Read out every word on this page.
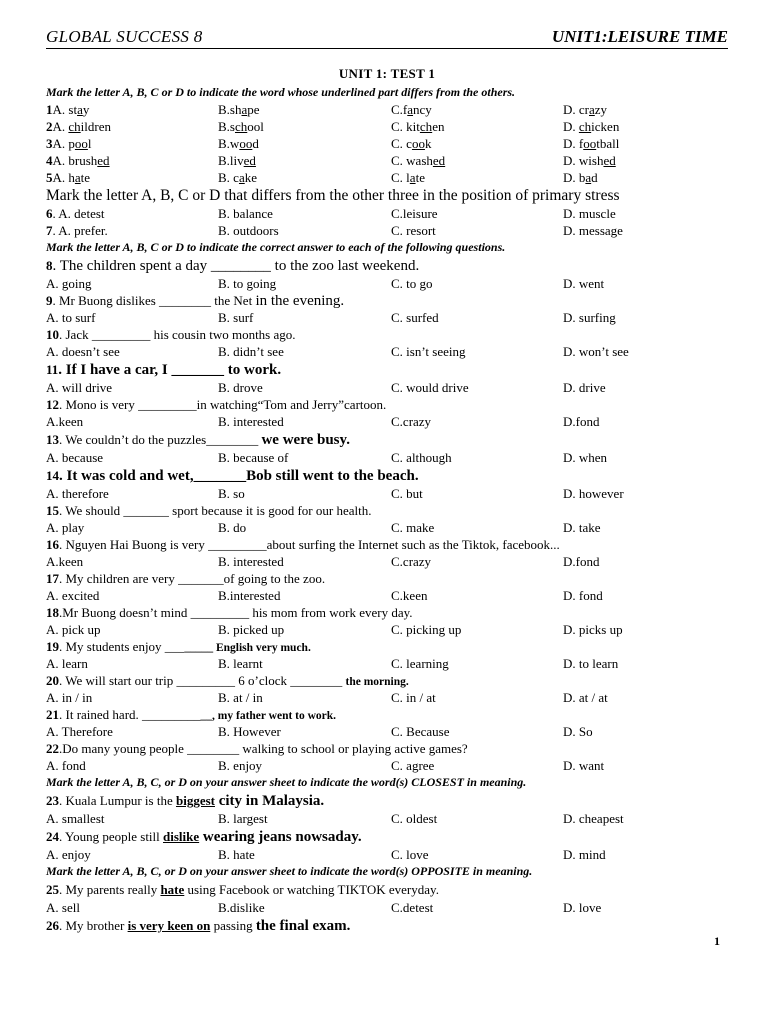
GLOBAL SUCCESS 8	UNIT1:LEISURE TIME
UNIT 1: TEST 1
Mark the letter A, B, C or D to indicate the word whose underlined part differs from the others.
1A. stay	B.shape	C.fancy	D. crazy
2A. children	B.school	C. kitchen	D. chicken
3A. pool	B.wood	C. cook	D. football
4A. brushed	B.lived	C. washed	D. wished
5A. hate	B. cake	C. late	D. bad
Mark the letter A, B, C or D that differs from the other three in the position of primary stress
6. A. detest	B. balance	C.leisure	D. muscle
7. A. prefer.	B. outdoors	C. resort	D. message
Mark the letter A, B, C or D to indicate the correct answer to each of the following questions.
8. The children spent a day ________ to the zoo last weekend.
A. going	B. to going	C. to go	D. went
9. Mr Buong dislikes ________ the Net in the evening.
A. to surf	B. surf	C. surfed	D. surfing
10. Jack _________ his cousin two months ago.
A. doesn’t see	B. didn’t see	C. isn’t seeing	D. won’t see
11. If I have a car, I _______ to work.
A. will drive	B. drove	C. would drive	D. drive
12. Mono is very _________in watching“Tom and Jerry”cartoon.
A.keen	B. interested	C.crazy	D.fond
13. We couldn’t do the puzzles________ we were busy.
A. because	B. because of	C. although	D. when
14. It was cold and wet,_______Bob still went to the beach.
A. therefore	B. so	C. but	D. however
15. We should _______ sport because it is good for our health.
A. play	B. do	C. make	D. take
16. Nguyen Hai Buong is very _________about surfing the Internet such as the Tiktok, facebook...
A.keen	B. interested	C.crazy	D.fond
17. My children are very _______of going to the zoo.
A. excited	B.interested	C.keen	D. fond
18.Mr Buong doesn’t mind _________ his mom from work every day.
A. pick up	B. picked up	C. picking up	D. picks up
19. My students enjoy ________ English very much.
A. learn	B. learnt	C. learning	D. to learn
20. We will start our trip _________ 6 o’clock ________ the morning.
A. in / in	B. at / in	C. in / at	D. at / at
21. It rained hard. ___________, my father went to work.
A. Therefore	B. However	C. Because	D. So
22.Do many young people ________ walking to school or playing active games?
A. fond	B. enjoy	C. agree	D. want
Mark the letter A, B, C, or D on your answer sheet to indicate the word(s) CLOSEST in meaning.
23. Kuala Lumpur is the biggest city in Malaysia.
A. smallest	B. largest	C. oldest	D. cheapest
24. Young people still dislike wearing jeans nowsaday.
A. enjoy	B. hate	C. love	D. mind
Mark the letter A, B, C, or D on your answer sheet to indicate the word(s) OPPOSITE in meaning.
25. My parents really hate using Facebook or watching TIKTOK everyday.
A. sell	B.dislike	C.detest	D. love
26. My brother is very keen on passing the final exam.
1
